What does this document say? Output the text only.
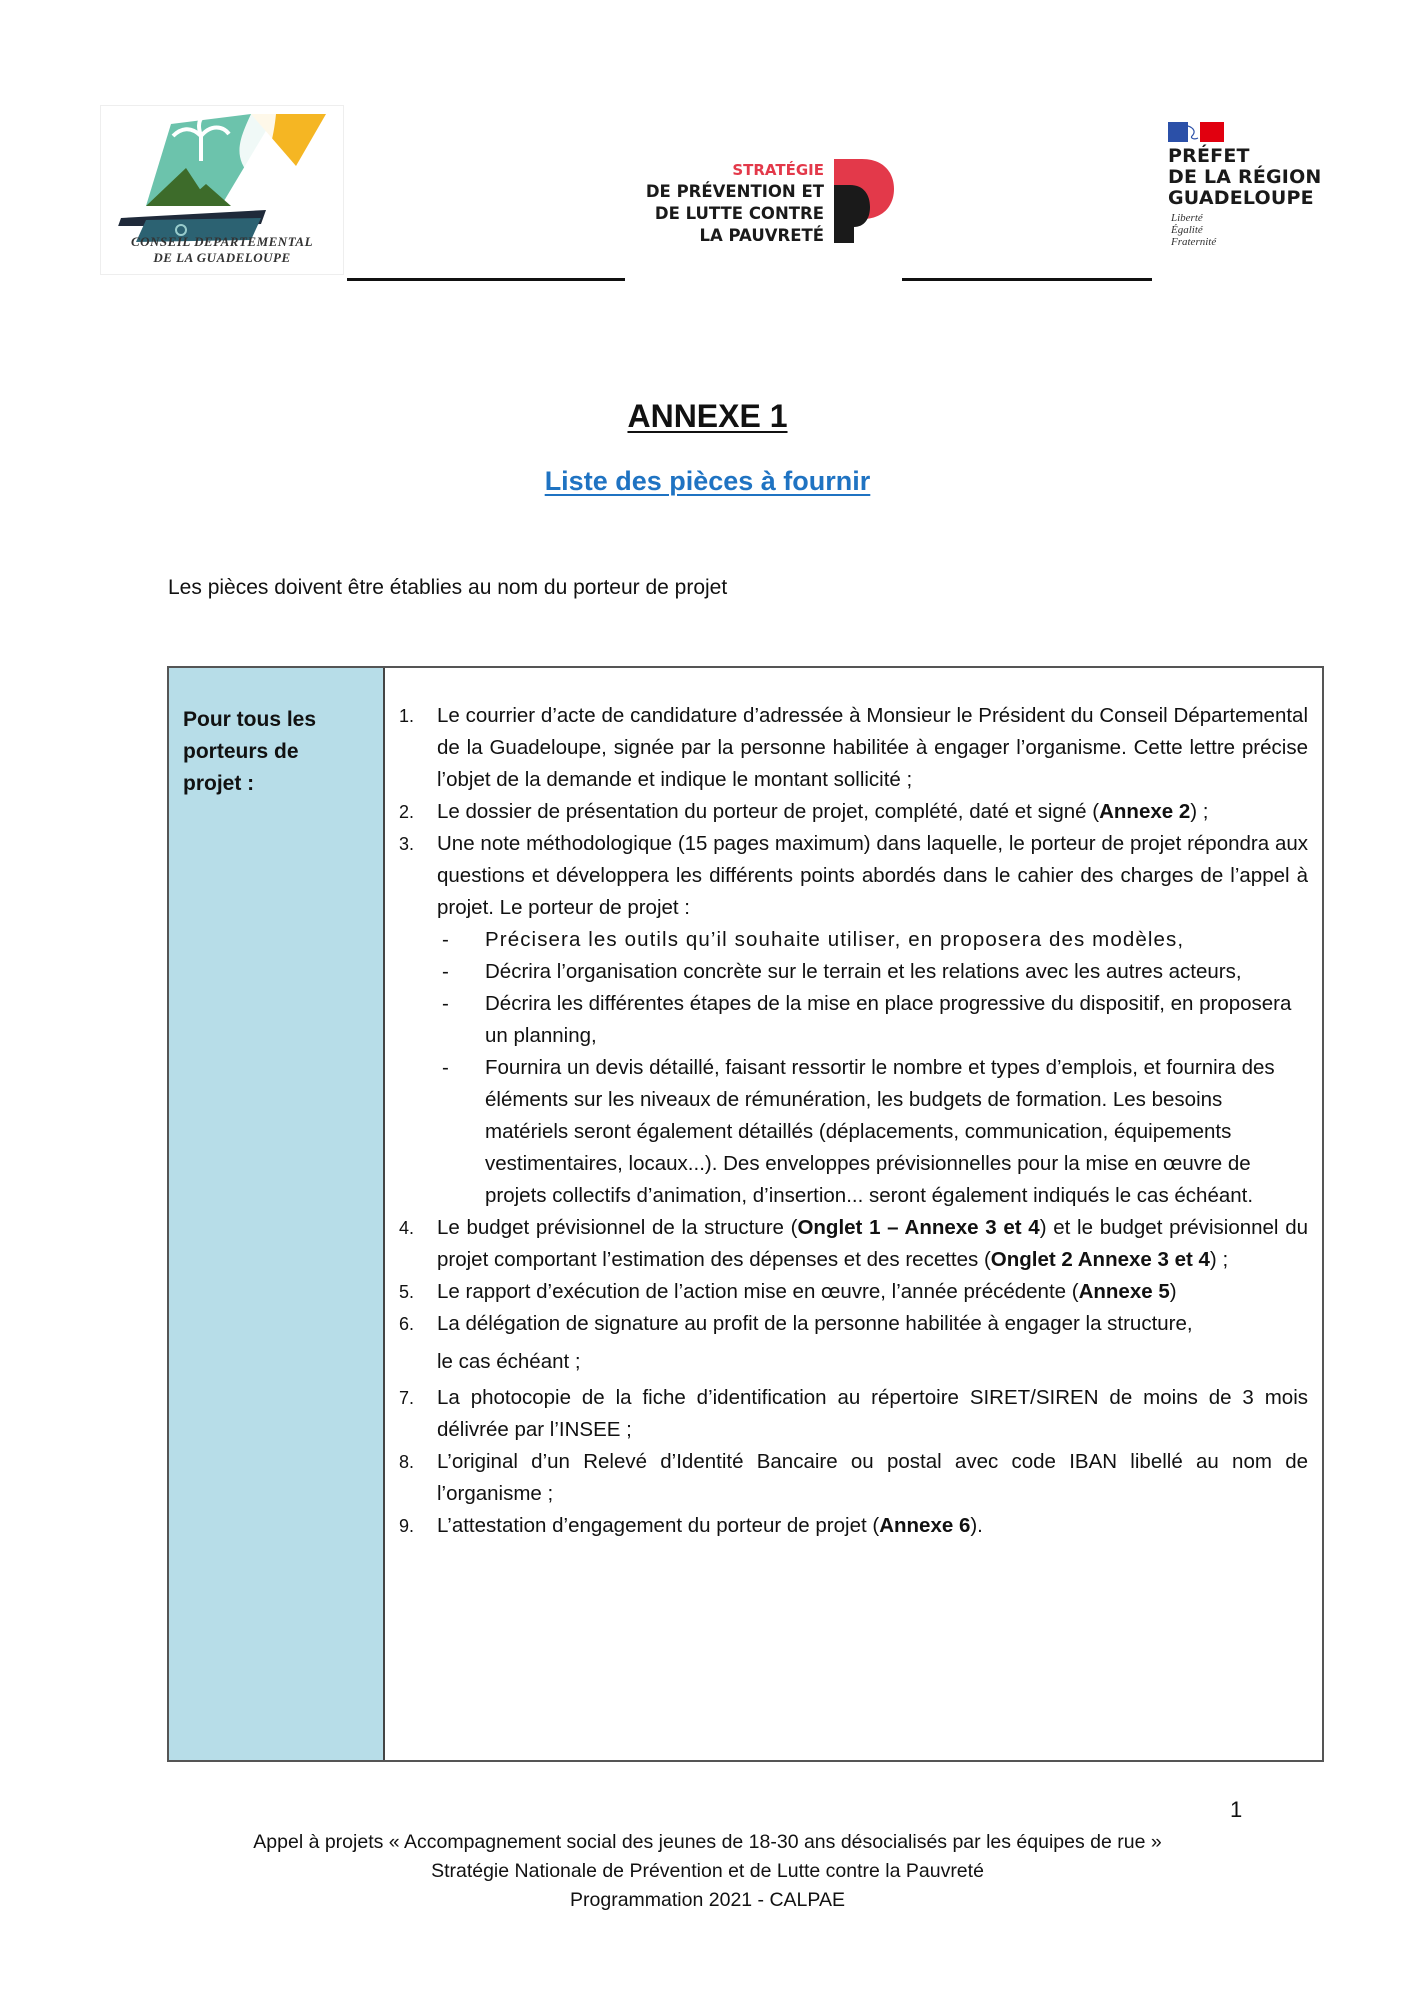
CONSEIL DEPARTEMENTAL
DE LA GUADELOUPE
STRATÉGIE
DE PRÉVENTION ET
DE LUTTE CONTRE
LA PAUVRETÉ
PRÉFET
DE LA RÉGION
GUADELOUPE
Liberté
Égalité
Fraternité
ANNEXE 1
Liste des pièces à fournir
Les pièces doivent être établies au nom du porteur de projet
Pour tous les
porteurs de
projet :
1. Le courrier d’acte de candidature d’adressée à Monsieur le Président du Conseil Départemental de la Guadeloupe, signée par la personne habilitée à engager l’organisme. Cette lettre précise l’objet de la demande et indique le montant sollicité ;
2. Le dossier de présentation du porteur de projet, complété, daté et signé (Annexe 2) ;
3. Une note méthodologique (15 pages maximum) dans laquelle, le porteur de projet répondra aux questions et développera les différents points abordés dans le cahier des charges de l’appel à projet. Le porteur de projet :
- Précisera les outils qu’il souhaite utiliser, en proposera des modèles,
- Décrira l’organisation concrète sur le terrain et les relations avec les autres acteurs,
- Décrira les différentes étapes de la mise en place progressive du dispositif, en proposera un planning,
- Fournira un devis détaillé, faisant ressortir le nombre et types d’emplois, et fournira des éléments sur les niveaux de rémunération, les budgets de formation. Les besoins matériels seront également détaillés (déplacements, communication, équipements vestimentaires, locaux...). Des enveloppes prévisionnelles pour la mise en œuvre de projets collectifs d’animation, d’insertion... seront également indiqués le cas échéant.
4. Le budget prévisionnel de la structure (Onglet 1 – Annexe 3 et 4) et le budget prévisionnel du projet comportant l’estimation des dépenses et des recettes (Onglet 2 Annexe 3 et 4) ;
5. Le rapport d’exécution de l’action mise en œuvre, l’année précédente (Annexe 5)
6. La délégation de signature au profit de la personne habilitée à engager la structure,
le cas échéant ;
7. La photocopie de la fiche d’identification au répertoire SIRET/SIREN de moins de 3 mois délivrée par l’INSEE ;
8. L’original d’un Relevé d’Identité Bancaire ou postal avec code IBAN libellé au nom de l’organisme ;
9. L’attestation d’engagement du porteur de projet (Annexe 6).
1
Appel à projets « Accompagnement social des jeunes de 18-30 ans désocialisés par les équipes de rue »
Stratégie Nationale de Prévention et de Lutte contre la Pauvreté
Programmation 2021 - CALPAE
